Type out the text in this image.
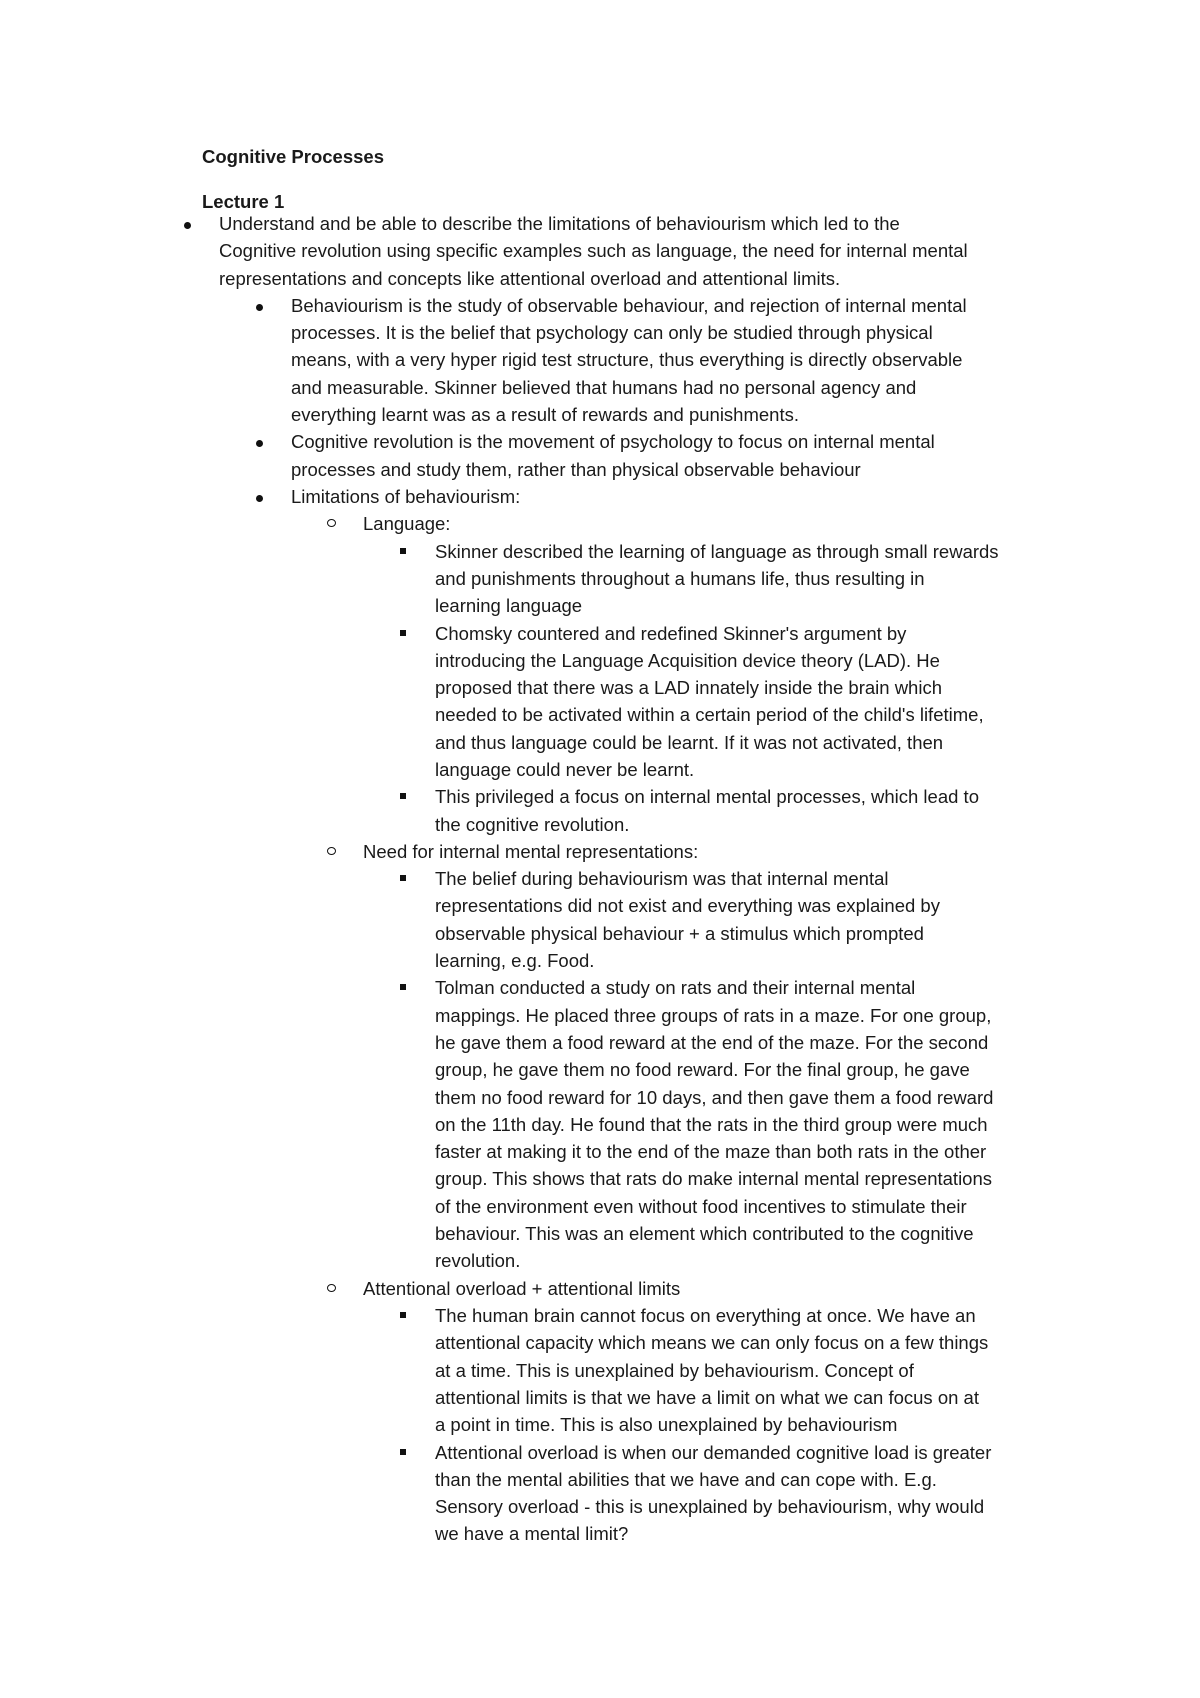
Cognitive Processes
Lecture 1
Understand and be able to describe the limitations of behaviourism which led to the
Cognitive revolution using specific examples such as language, the need for internal mental
representations and concepts like attentional overload and attentional limits.
Behaviourism is the study of observable behaviour, and rejection of internal mental
processes. It is the belief that psychology can only be studied through physical
means, with a very hyper rigid test structure, thus everything is directly observable
and measurable. Skinner believed that humans had no personal agency and
everything learnt was as a result of rewards and punishments.
Cognitive revolution is the movement of psychology to focus on internal mental
processes and study them, rather than physical observable behaviour
Limitations of behaviourism:
Language:
Skinner described the learning of language as through small rewards
and punishments throughout a humans life, thus resulting in
learning language
Chomsky countered and redefined Skinner's argument by
introducing the Language Acquisition device theory (LAD). He
proposed that there was a LAD innately inside the brain which
needed to be activated within a certain period of the child's lifetime,
and thus language could be learnt. If it was not activated, then
language could never be learnt.
This privileged a focus on internal mental processes, which lead to
the cognitive revolution.
Need for internal mental representations:
The belief during behaviourism was that internal mental
representations did not exist and everything was explained by
observable physical behaviour + a stimulus which prompted
learning, e.g. Food.
Tolman conducted a study on rats and their internal mental
mappings. He placed three groups of rats in a maze. For one group,
he gave them a food reward at the end of the maze. For the second
group, he gave them no food reward. For the final group, he gave
them no food reward for 10 days, and then gave them a food reward
on the 11th day. He found that the rats in the third group were much
faster at making it to the end of the maze than both rats in the other
group. This shows that rats do make internal mental representations
of the environment even without food incentives to stimulate their
behaviour. This was an element which contributed to the cognitive
revolution.
Attentional overload + attentional limits
The human brain cannot focus on everything at once. We have an
attentional capacity which means we can only focus on a few things
at a time. This is unexplained by behaviourism. Concept of
attentional limits is that we have a limit on what we can focus on at
a point in time. This is also unexplained by behaviourism
Attentional overload is when our demanded cognitive load is greater
than the mental abilities that we have and can cope with. E.g.
Sensory overload - this is unexplained by behaviourism, why would
we have a mental limit?
